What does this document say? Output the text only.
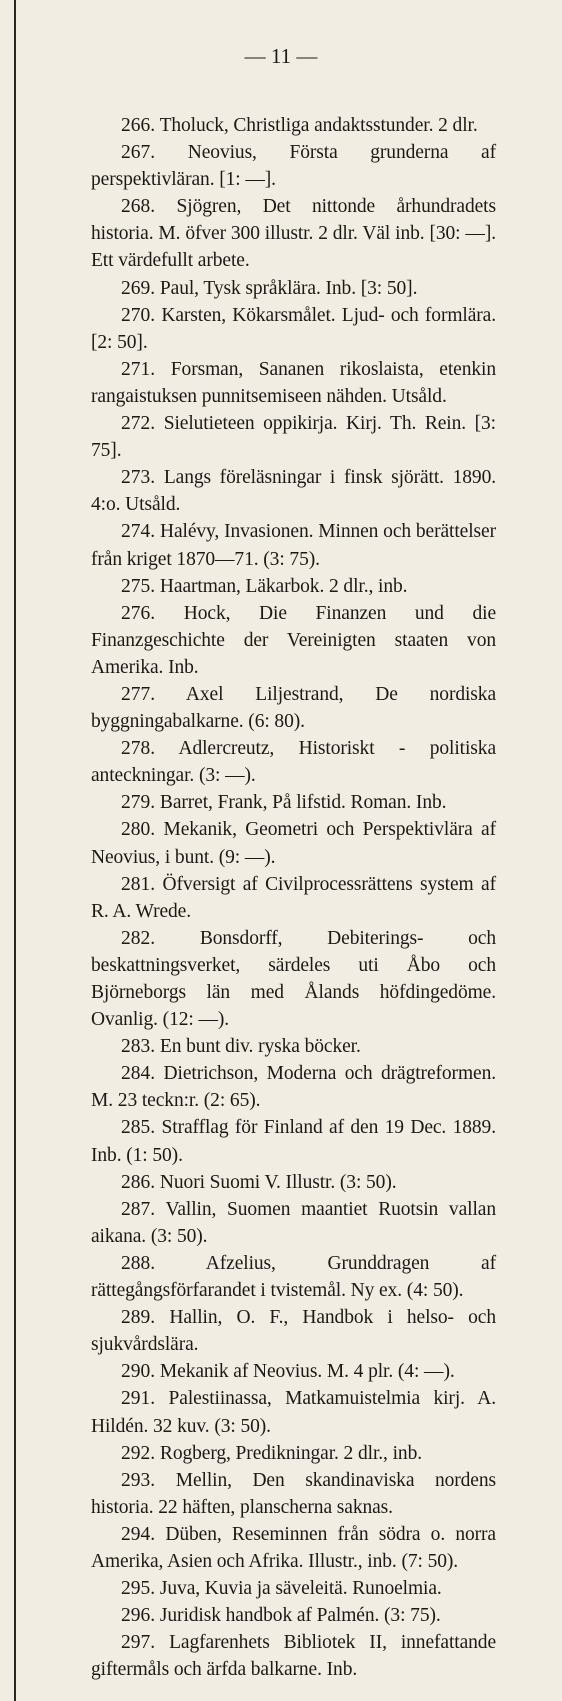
— 11 —

266. Tholuck, Christliga andaktsstunder. 2 dlr.

267. Neovius, Första grunderna af perspektivläran. [1: —].

268. Sjögren, Det nittonde århundradets historia. M. öfver 300 illustr. 2 dlr. Väl inb. [30: —]. Ett värdefullt arbete.

269. Paul, Tysk språklära. Inb. [3: 50].

270. Karsten, Kökarsmålet. Ljud- och formlära. [2: 50].

271. Forsman, Sananen rikoslaista, etenkin rangaistuksen punnitsemiseen nähden. Utsåld.

272. Sielutieteen oppikirja. Kirj. Th. Rein. [3: 75].

273. Langs föreläsningar i finsk sjörätt. 1890. 4:o. Utsåld.

274. Halévy, Invasionen. Minnen och berättelser från kriget 1870—71. (3: 75).

275. Haartman, Läkarbok. 2 dlr., inb.

276. Hock, Die Finanzen und die Finanzgeschichte der Vereinigten staaten von Amerika. Inb.

277. Axel Liljestrand, De nordiska byggningabalkarne. (6: 80).

278. Adlercreutz, Historiskt - politiska anteckningar. (3: —).

279. Barret, Frank, På lifstid. Roman. Inb.

280. Mekanik, Geometri och Perspektivlära af Neovius, i bunt. (9: —).

281. Öfversigt af Civilprocessrättens system af R. A. Wrede.

282. Bonsdorff, Debiterings- och beskattningsverket, särdeles uti Åbo och Björneborgs län med Ålands höfdingedöme. Ovanlig. (12: —).

283. En bunt div. ryska böcker.

284. Dietrichson, Moderna och drägtreformen. M. 23 teckn:r. (2: 65).

285. Strafflag för Finland af den 19 Dec. 1889. Inb. (1: 50).

286. Nuori Suomi V. Illustr. (3: 50).

287. Vallin, Suomen maantiet Ruotsin vallan aikana. (3: 50).

288.	Afzelius, Grunddragen af rättegångsförfarandet i tvistemål. Ny ex. (4: 50).

289. Hallin, O. F., Handbok i helso- och sjukvårdslära.

290. Mekanik af Neovius. M. 4 plr. (4: —).

291. Palestiinassa, Matkamuistelmia kirj. A. Hildén. 32 kuv. (3: 50).

292. Rogberg, Predikningar. 2 dlr., inb.

293. Mellin, Den skandinaviska nordens historia. 22 häften, planscherna saknas.

294. Düben, Reseminnen från södra o. norra Amerika, Asien och Afrika. Illustr., inb. (7: 50).

295. Juva, Kuvia ja säveleitä. Runoelmia.

296. Juridisk handbok af Palmén. (3: 75).

297. Lagfarenhets Bibliotek II, innefattande giftermåls och ärfda balkarne. Inb.
